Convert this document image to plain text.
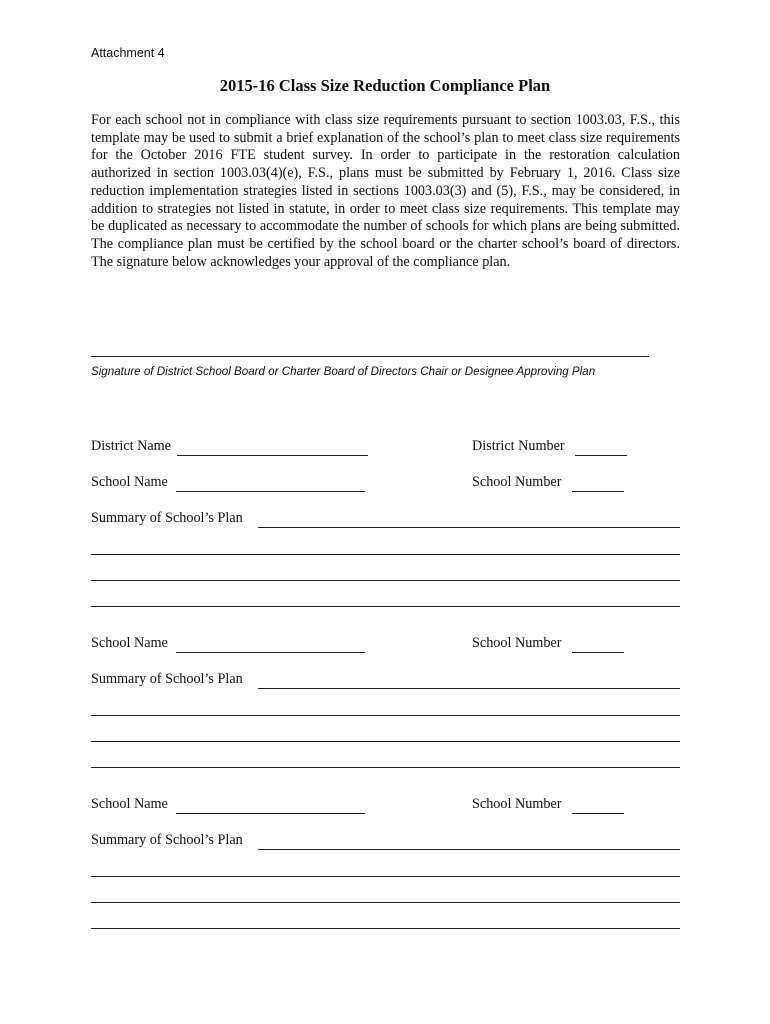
Attachment 4
2015-16 Class Size Reduction Compliance Plan

For each school not in compliance with class size requirements pursuant to section 1003.03, F.S., this template may be used to submit a brief explanation of the school’s plan to meet class size requirements for the October 2016 FTE student survey. In order to participate in the restoration calculation authorized in section 1003.03(4)(e), F.S., plans must be submitted by February 1, 2016. Class size reduction implementation strategies listed in sections 1003.03(3) and (5), F.S., may be considered, in addition to strategies not listed in statute, in order to meet class size requirements. This template may be duplicated as necessary to accommodate the number of schools for which plans are being submitted. The compliance plan must be certified by the school board or the charter school’s board of directors. The signature below acknowledges your approval of the compliance plan.

Signature of District School Board or Charter Board of Directors Chair or Designee Approving Plan
District Name	District Number
School Name	School Number
Summary of School’s Plan
School Name	School Number
Summary of School’s Plan
School Name	School Number
Summary of School’s Plan
